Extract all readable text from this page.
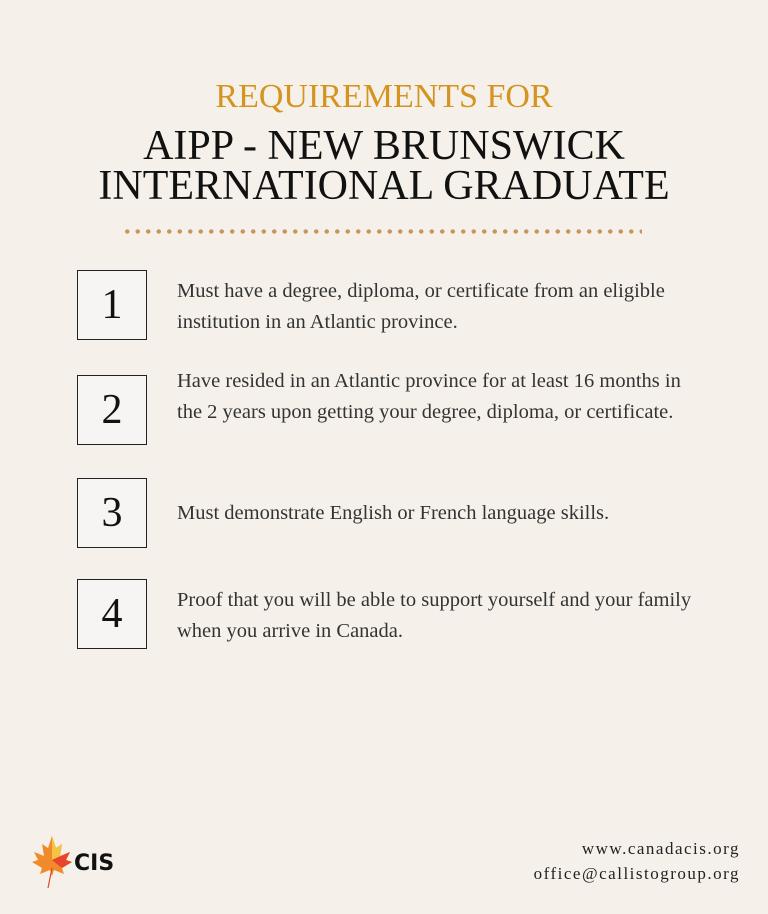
REQUIREMENTS FOR
AIPP - NEW BRUNSWICK
INTERNATIONAL GRADUATE
1	Must have a degree, diploma, or certificate from an eligible institution in an Atlantic province.
2
Have resided in an Atlantic province for at least 16 months in the 2 years upon getting your degree, diploma, or certificate.
3	Must demonstrate English or French language skills.
4	Proof that you will be able to support yourself and your family when you arrive in Canada.
CIS
www.canadacis.org
office@callistogroup.org
